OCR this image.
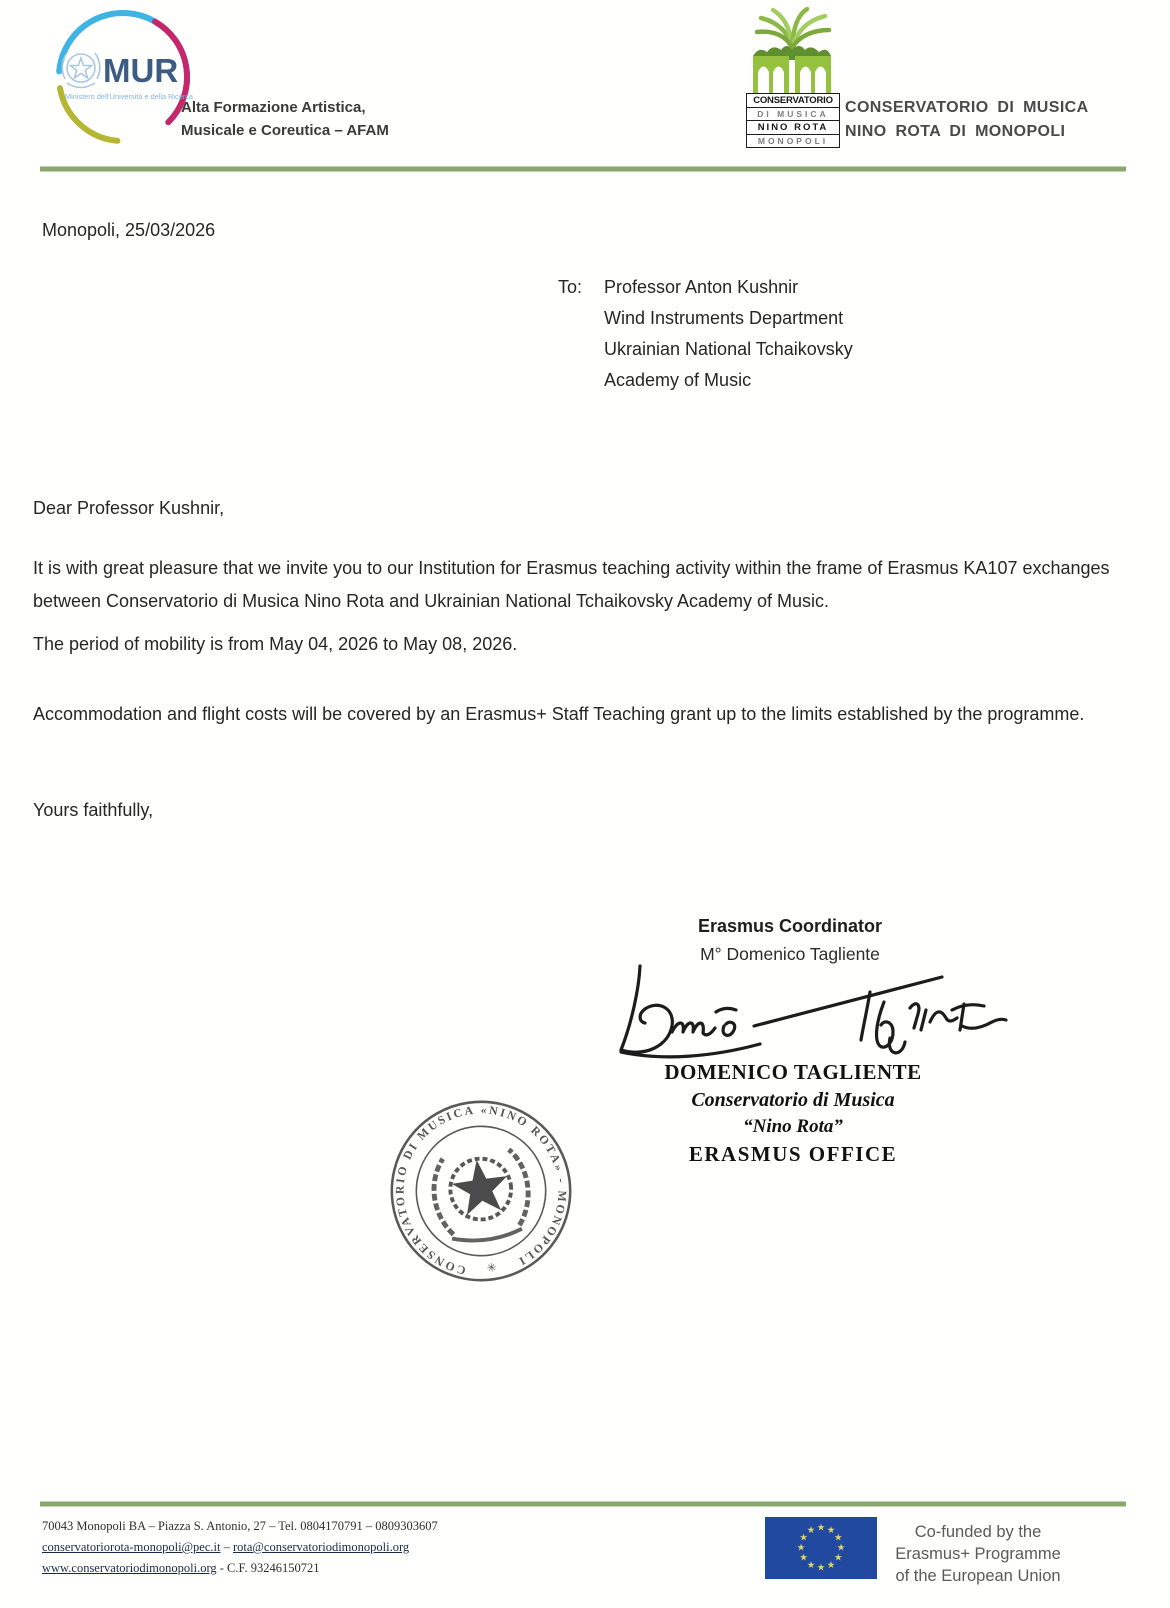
MUR
Ministero dell'Università e della Ricerca
Alta Formazione Artistica,
Musicale e Coreutica – AFAM
CONSERVATORIO
DI MUSICA
NINO ROTA
MONOPOLI
CONSERVATORIO DI MUSICA
NINO ROTA DI MONOPOLI
Monopoli, 25/03/2026
To: Professor Anton Kushnir
Wind Instruments Department
Ukrainian National Tchaikovsky
Academy of Music
Dear Professor Kushnir,
It is with great pleasure that we invite you to our Institution for Erasmus teaching activity within the frame of Erasmus KA107 exchanges between Conservatorio di Musica Nino Rota and Ukrainian National Tchaikovsky Academy of Music.
The period of mobility is from May 04, 2026 to May 08, 2026.
Accommodation and flight costs will be covered by an Erasmus+ Staff Teaching grant up to the limits established by the programme.
Yours faithfully,
Erasmus Coordinator
M° Domenico Tagliente
DOMENICO TAGLIENTE
Conservatorio di Musica
“Nino Rota”
ERASMUS OFFICE
CONSERVATORIO DI MUSICA «NINO ROTA» - MONOPOLI
✳
70043 Monopoli BA – Piazza S. Antonio, 27 – Tel. 0804170791 – 0809303607
conservatoriorota-monopoli@pec.it – rota@conservatoriodimonopoli.org
www.conservatoriodimonopoli.org - C.F. 93246150721
★ ★
★
★
★
★
★
★
★
★
★
★	Co-funded by the
Erasmus+ Programme
of the European Union
